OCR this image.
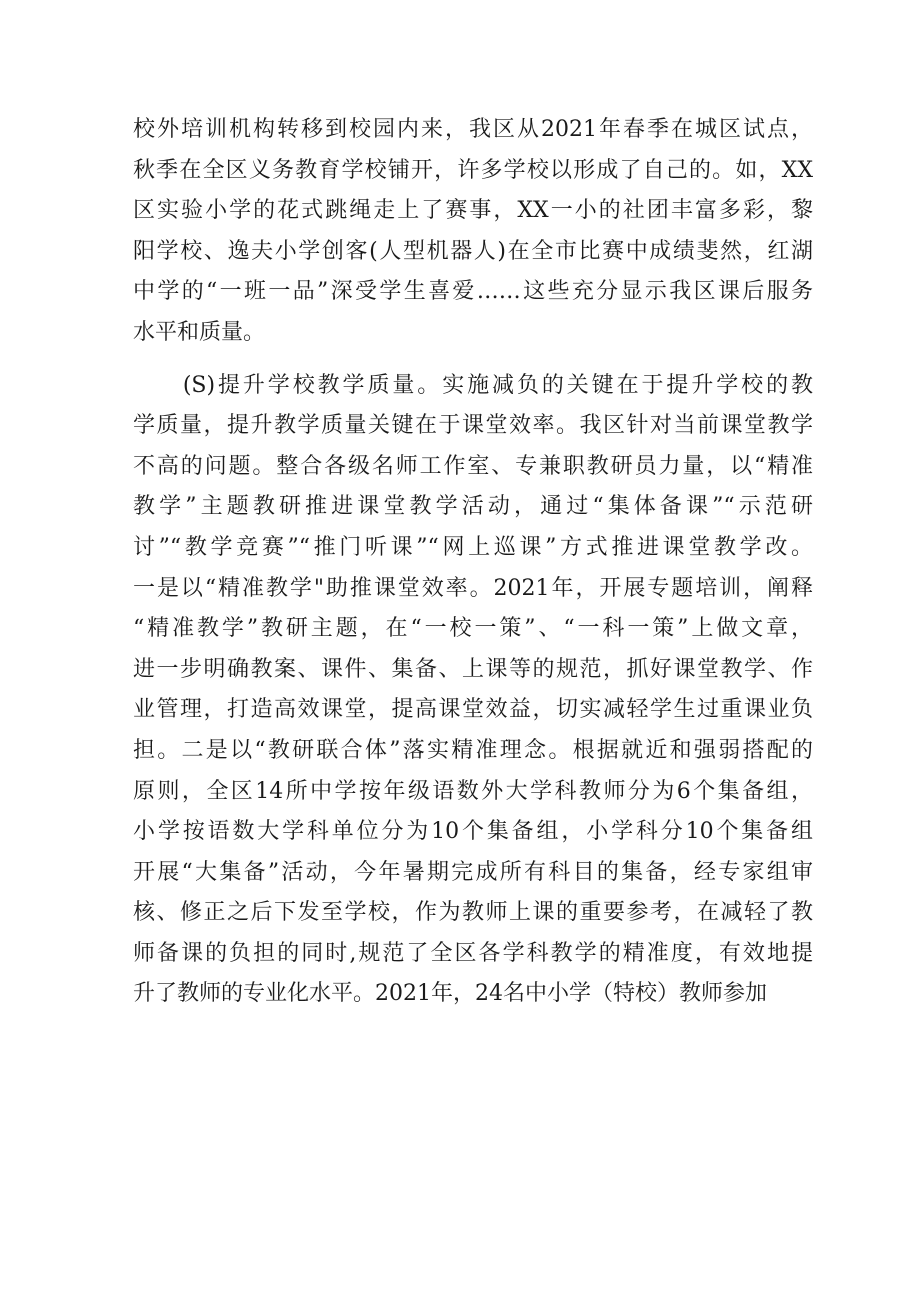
校外培训机构转移到校园内来，我区从2021年春季在城区试点，
秋季在全区义务教育学校铺开，许多学校以形成了自己的。如，XX
区实验小学的花式跳绳走上了赛事，XX一小的社团丰富多彩，黎
阳学校、逸夫小学创客(人型机器人)在全市比赛中成绩斐然，红湖
中学的“一班一品”深受学生喜爱……这些充分显示我区课后服务
水平和质量。
　　(S)提升学校教学质量。实施减负的关键在于提升学校的教
学质量，提升教学质量关键在于课堂效率。我区针对当前课堂教学
不高的问题。整合各级名师工作室、专兼职教研员力量，以“精准
教学”主题教研推进课堂教学活动，通过“集体备课”“示范研
讨”“教学竞赛”“推门听课”“网上巡课”方式推进课堂教学改。
一是以“精准教学"助推课堂效率。2021年，开展专题培训，阐释
“精准教学”教研主题，在“一校一策”、“一科一策”上做文章，
进一步明确教案、课件、集备、上课等的规范，抓好课堂教学、作
业管理，打造高效课堂，提高课堂效益，切实减轻学生过重课业负
担。二是以“教研联合体”落实精准理念。根据就近和强弱搭配的
原则，全区14所中学按年级语数外大学科教师分为6个集备组，
小学按语数大学科单位分为10个集备组，小学科分10个集备组
开展“大集备”活动，今年暑期完成所有科目的集备，经专家组审
核、修正之后下发至学校，作为教师上课的重要参考，在减轻了教
师备课的负担的同时,规范了全区各学科教学的精准度，有效地提
升了教师的专业化水平。2021年，24名中小学（特校）教师参加
